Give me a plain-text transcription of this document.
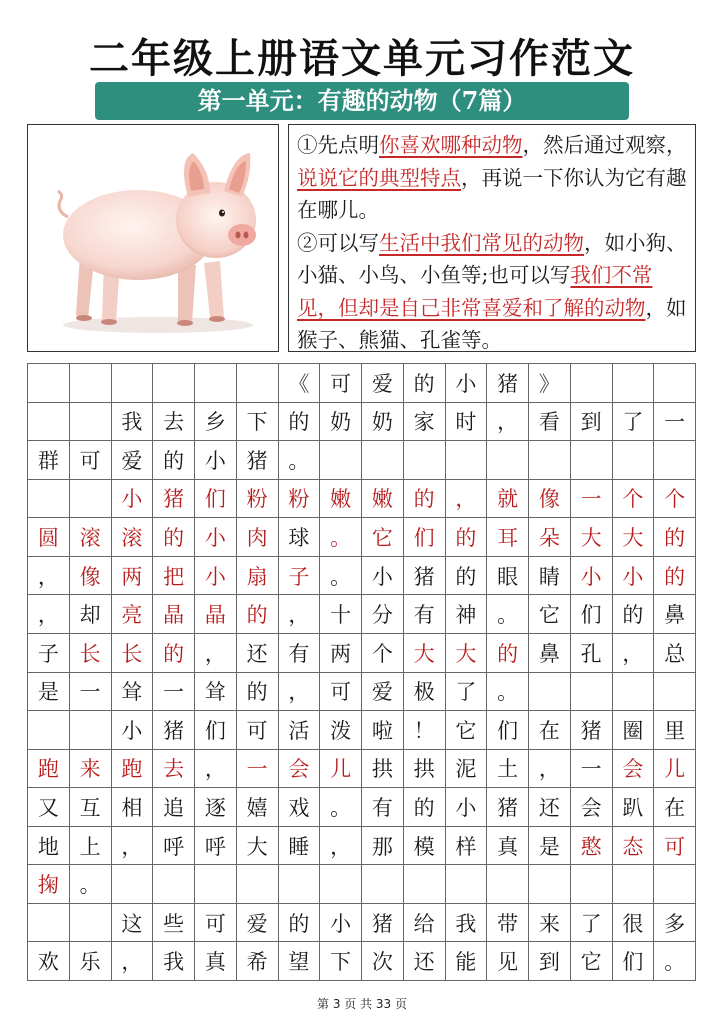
二年级上册语文单元习作范文
第一单元：有趣的动物（7篇）

①先点明你喜欢哪种动物，然后通过观察，说说它的典型特点，再说一下你认为它有趣在哪儿。

②可以写生活中我们常见的动物，如小狗、小猫、小鸟、小鱼等;也可以写我们不常见，但却是自己非常喜爱和了解的动物，如猴子、熊猫、孔雀等。

《 可 爱 的 小 猪 》
我 去 乡 下 的 奶 奶 家 时 ， 看 到 了 一
群 可 爱 的 小 猪 。
小 猪 们 粉 粉 嫩 嫩 的 ， 就 像 一 个 个
圆 滚 滚 的 小 肉 球 。 它 们 的 耳 朵 大 大 的
， 像 两 把 小 扇 子 。 小 猪 的 眼 睛 小 小 的
， 却 亮 晶 晶 的 ， 十 分 有 神 。 它 们 的 鼻
子 长 长 的 ， 还 有 两 个 大 大 的 鼻 孔 ， 总
是 一 耸 一 耸 的 ， 可 爱 极 了 。
小 猪 们 可 活 泼 啦 ！ 它 们 在 猪 圈 里
跑 来 跑 去 ， 一 会 儿 拱 拱 泥 土 ， 一 会 儿
又 互 相 追 逐 嬉 戏 。 有 的 小 猪 还 会 趴 在
地 上 ， 呼 呼 大 睡 ， 那 模 样 真 是 憨 态 可
掬 。
这 些 可 爱 的 小 猪 给 我 带 来 了 很 多
欢 乐 ， 我 真 希 望 下 次 还 能 见 到 它 们 。
第 3 页 共 33 页
